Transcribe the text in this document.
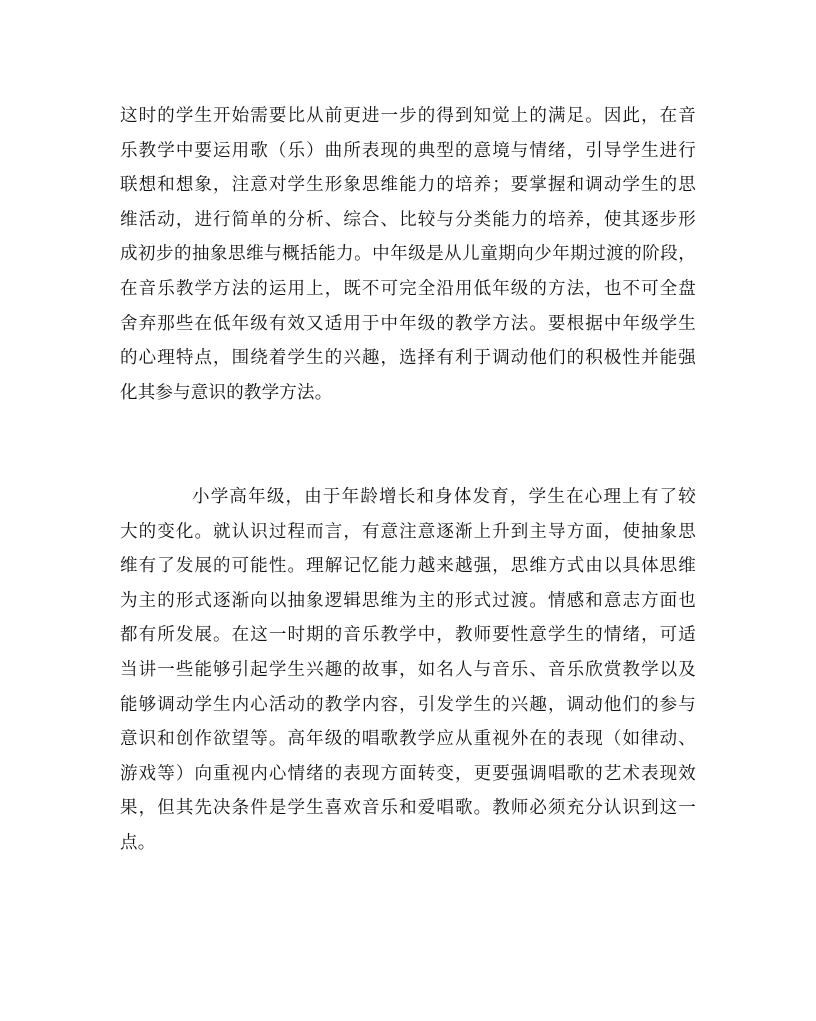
这时的学生开始需要比从前更进一步的得到知觉上的满足。因此，在音
乐教学中要运用歌（乐）曲所表现的典型的意境与情绪，引导学生进行
联想和想象，注意对学生形象思维能力的培养；要掌握和调动学生的思
维活动，进行简单的分析、综合、比较与分类能力的培养，使其逐步形
成初步的抽象思维与概括能力。中年级是从儿童期向少年期过渡的阶段，
在音乐教学方法的运用上，既不可完全沿用低年级的方法，也不可全盘
舍弃那些在低年级有效又适用于中年级的教学方法。要根据中年级学生
的心理特点，围绕着学生的兴趣，选择有利于调动他们的积极性并能强
化其参与意识的教学方法。
小学高年级，由于年龄增长和身体发育，学生在心理上有了较
大的变化。就认识过程而言，有意注意逐渐上升到主导方面，使抽象思
维有了发展的可能性。理解记忆能力越来越强，思维方式由以具体思维
为主的形式逐渐向以抽象逻辑思维为主的形式过渡。情感和意志方面也
都有所发展。在这一时期的音乐教学中，教师要性意学生的情绪，可适
当讲一些能够引起学生兴趣的故事，如名人与音乐、音乐欣赏教学以及
能够调动学生内心活动的教学内容，引发学生的兴趣，调动他们的参与
意识和创作欲望等。高年级的唱歌教学应从重视外在的表现（如律动、
游戏等）向重视内心情绪的表现方面转变，更要强调唱歌的艺术表现效
果，但其先决条件是学生喜欢音乐和爱唱歌。教师必须充分认识到这一
点。
